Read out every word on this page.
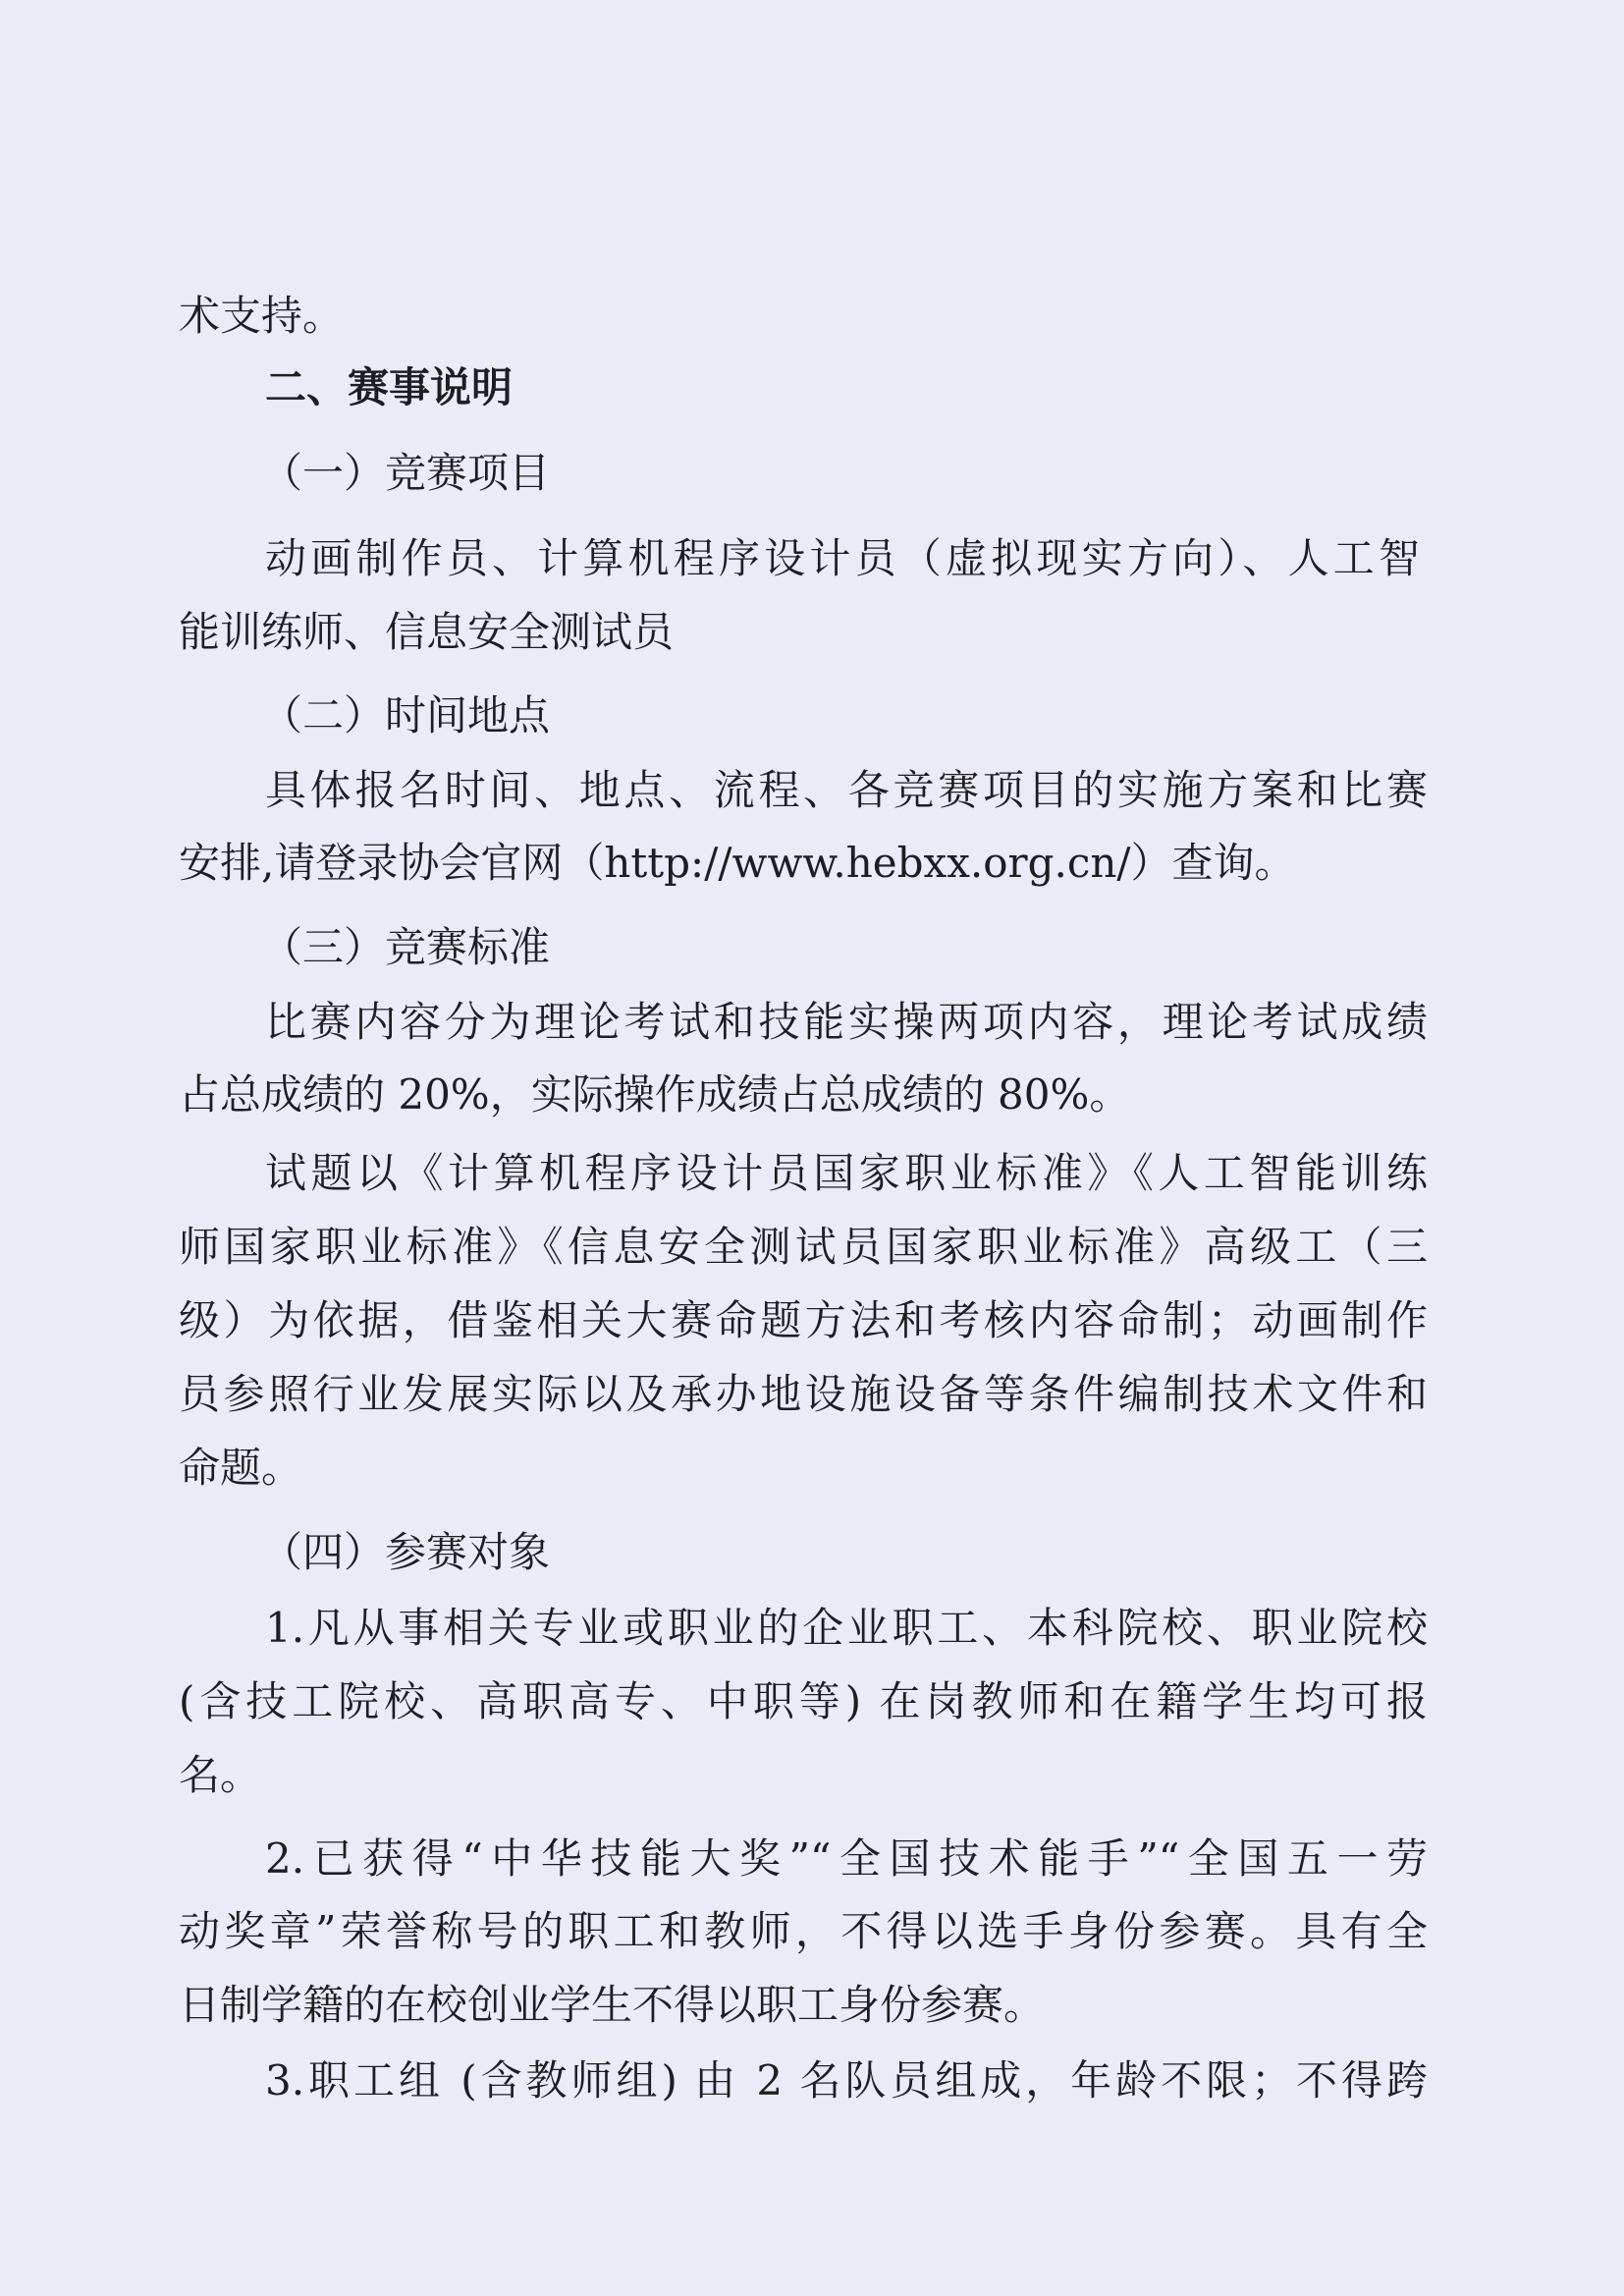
术支持。

二、赛事说明

（一）竞赛项目

动画制作员、计算机程序设计员（虚拟现实方向）、人工智

能训练师、信息安全测试员

（二）时间地点

具体报名时间、地点、流程、各竞赛项目的实施方案和比赛

安排,请登录协会官网（http://www.hebxx.org.cn/）查询。

（三）竞赛标准

比赛内容分为理论考试和技能实操两项内容，理论考试成绩

占总成绩的 20%，实际操作成绩占总成绩的 80%。

试题以《计算机程序设计员国家职业标准》《人工智能训练

师国家职业标准》《信息安全测试员国家职业标准》高级工（三

级）为依据，借鉴相关大赛命题方法和考核内容命制；动画制作

员参照行业发展实际以及承办地设施设备等条件编制技术文件和

命题。

（四）参赛对象

1.凡从事相关专业或职业的企业职工、本科院校、职业院校

(含技工院校、高职高专、中职等) 在岗教师和在籍学生均可报

名。

2.已获得“中华技能大奖”“全国技术能手”“全国五一劳

动奖章”荣誉称号的职工和教师，不得以选手身份参赛。具有全

日制学籍的在校创业学生不得以职工身份参赛。

3.职工组 (含教师组) 由 2 名队员组成，年龄不限；不得跨
